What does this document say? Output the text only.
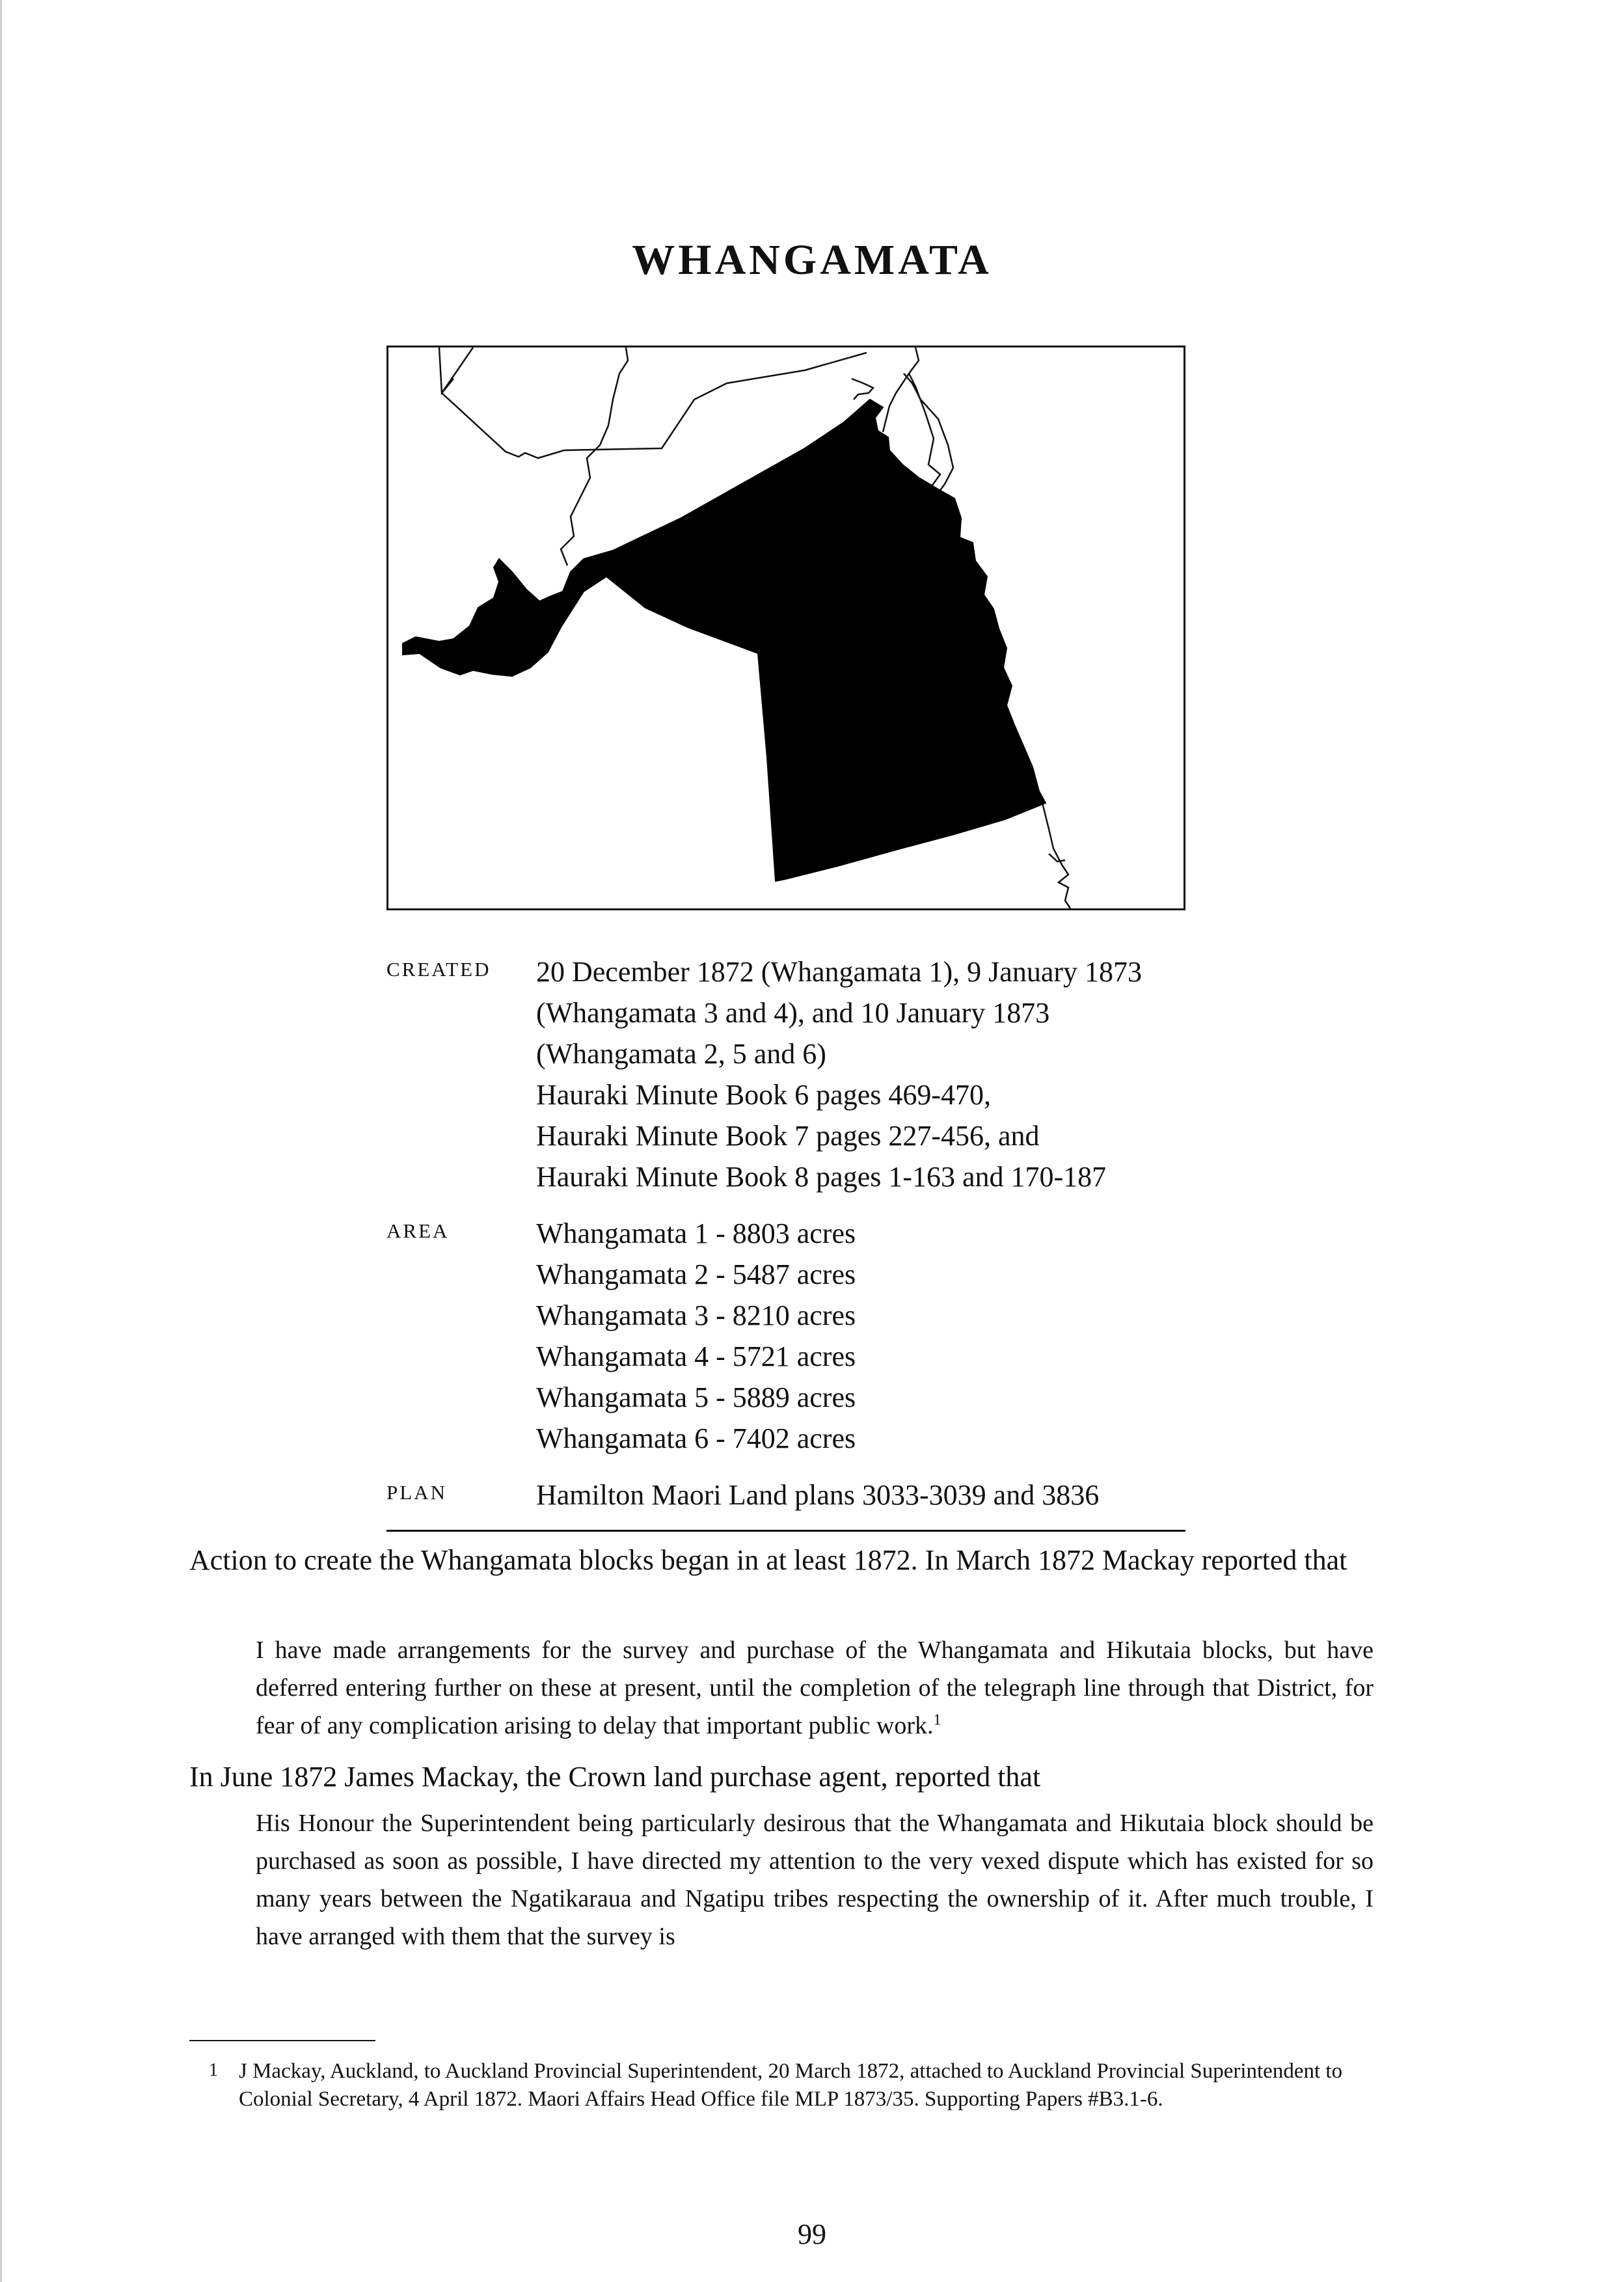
WHANGAMATA
CREATED 20 December 1872 (Whangamata 1), 9 January 1873
(Whangamata 3 and 4), and 10 January 1873
(Whangamata 2, 5 and 6)
Hauraki Minute Book 6 pages 469-470,
Hauraki Minute Book 7 pages 227-456, and
Hauraki Minute Book 8 pages 1-163 and 170-187
AREA	Whangamata 1 - 8803 acres
Whangamata 2 - 5487 acres
Whangamata 3 - 8210 acres
Whangamata 4 - 5721 acres
Whangamata 5 - 5889 acres
Whangamata 6 - 7402 acres
PLAN	Hamilton Maori Land plans 3033-3039 and 3836

Action to create the Whangamata blocks began in at least 1872. In March 1872 Mackay reported that

I have made arrangements for the survey and purchase of the Whangamata and Hikutaia blocks, but have deferred entering further on these at present, until the completion of the telegraph line through that District, for fear of any complication arising to delay that important public work.$^1$

In June 1872 James Mackay, the Crown land purchase agent, reported that

His Honour the Superintendent being particularly desirous that the Whangamata and Hikutaia block should be purchased as soon as possible, I have directed my attention to the very vexed dispute which has existed for so many years between the Ngatikaraua and Ngatipu tribes respecting the ownership of it. After much trouble, I have arranged with them that the survey is

1 J Mackay, Auckland, to Auckland Provincial Superintendent, 20 March 1872, attached to Auckland Provincial Superintendent to Colonial Secretary, 4 April 1872. Maori Affairs Head Office file MLP 1873/35. Supporting Papers #B3.1-6.
99
